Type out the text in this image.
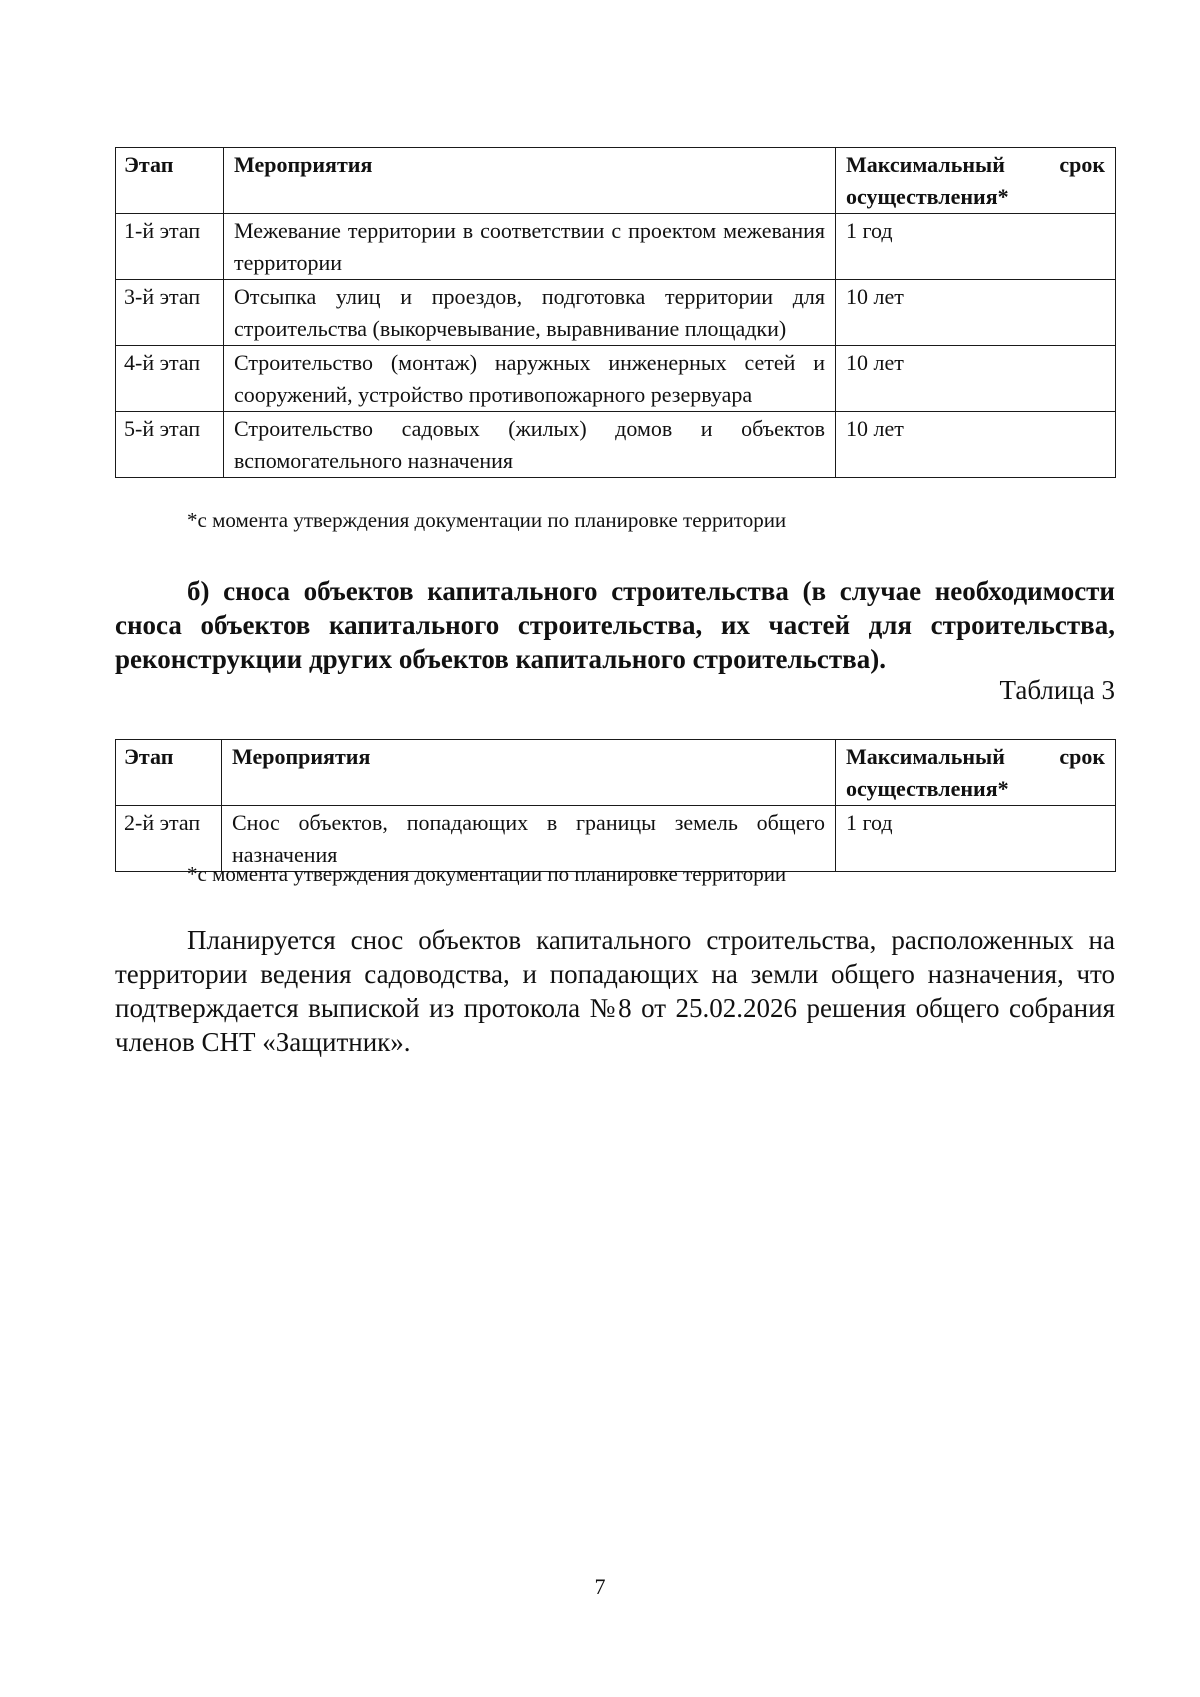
Этап	Мероприятия	Максимальный срок
осуществления*

1-й этап	Межевание территории в соответствии с проектом межевания территории	1 год
3-й этап	Отсыпка улиц и проездов, подготовка территории для строительства (выкорчевывание, выравнивание площадки)	10 лет
4-й этап	Строительство (монтаж) наружных инженерных сетей и сооружений, устройство противопожарного резервуара	10 лет
5-й этап	Строительство садовых (жилых) домов и объектов вспомогательного назначения	10 лет
*с момента утверждения документации по планировке территории
б) сноса объектов капитального строительства (в случае необходимости сноса объектов капитального строительства, их частей для строительства, реконструкции других объектов капитального строительства).
Таблица 3
Этап	Мероприятия	Максимальный срок
осуществления*

2-й этап	Снос объектов, попадающих в границы земель общего назначения	1 год
*с момента утверждения документации по планировке территории
Планируется снос объектов капитального строительства, расположенных на территории ведения садоводства, и попадающих на земли общего назначения, что подтверждается выпиской из протокола №8 от 25.02.2026 решения общего собрания членов СНТ «Защитник».
7
